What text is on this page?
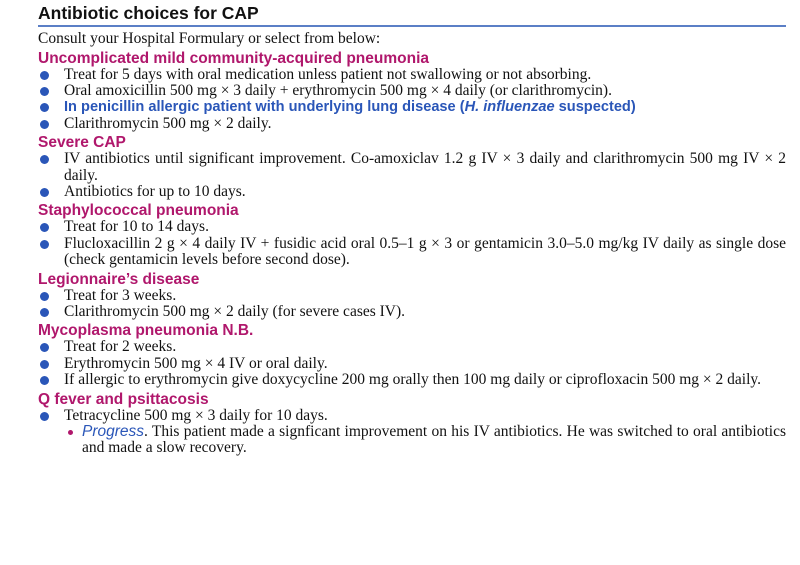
Antibiotic choices for CAP
Consult your Hospital Formulary or select from below:
Uncomplicated mild community-acquired pneumonia
Treat for 5 days with oral medication unless patient not swallowing or not absorbing.
Oral amoxicillin 500 mg × 3 daily + erythromycin 500 mg × 4 daily (or clarithromycin).
In penicillin allergic patient with underlying lung disease (H. influenzae suspected)
Clarithromycin 500 mg × 2 daily.
Severe CAP
IV antibiotics until significant improvement. Co-amoxiclav 1.2 g IV × 3 daily and clarithromycin 500 mg IV × 2 daily.
Antibiotics for up to 10 days.
Staphylococcal pneumonia
Treat for 10 to 14 days.
Flucloxacillin 2 g × 4 daily IV + fusidic acid oral 0.5–1 g × 3 or gentamicin 3.0–5.0 mg/kg IV daily as single dose (check gentamicin levels before second dose).
Legionnaire’s disease
Treat for 3 weeks.
Clarithromycin 500 mg × 2 daily (for severe cases IV).
Mycoplasma pneumonia N.B.
Treat for 2 weeks.
Erythromycin 500 mg × 4 IV or oral daily.
If allergic to erythromycin give doxycycline 200 mg orally then 100 mg daily or ciprofloxacin 500 mg × 2 daily.
Q fever and psittacosis
Tetracycline 500 mg × 3 daily for 10 days.
Progress. This patient made a signficant improvement on his IV antibiotics. He was switched to oral antibiotics and made a slow recovery.
